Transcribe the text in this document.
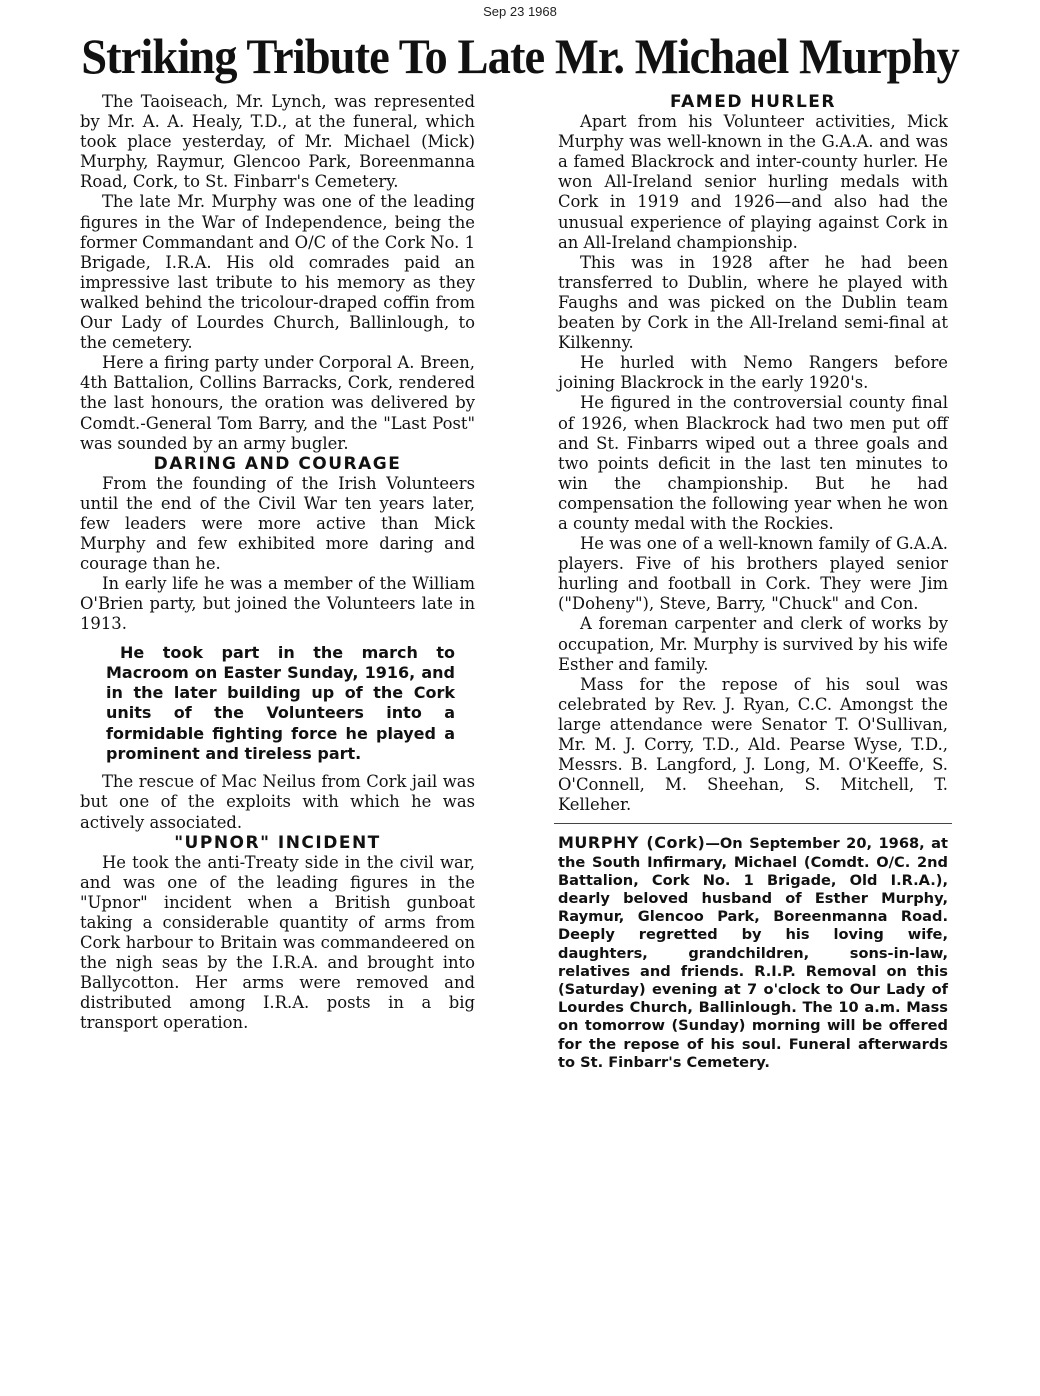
Sep 23 1968
Striking Tribute To Late Mr. Michael Murphy

The Taoiseach, Mr. Lynch, was represented by Mr. A. A. Healy, T.D., at the funeral, which took place yesterday, of Mr. Michael (Mick) Murphy, Raymur, Glencoo Park, Boreenmanna Road, Cork, to St. Finbarr's Cemetery.

The late Mr. Murphy was one of the leading figures in the War of Independence, being the former Commandant and O/C of the Cork No. 1 Brigade, I.R.A. His old comrades paid an impressive last tribute to his memory as they walked behind the tricolour-draped coffin from Our Lady of Lourdes Church, Ballinlough, to the cemetery.

Here a firing party under Corporal A. Breen, 4th Battalion, Collins Barracks, Cork, rendered the last honours, the oration was delivered by Comdt.-General Tom Barry, and the "Last Post" was sounded by an army bugler.

DARING AND COURAGE

From the founding of the Irish Volunteers until the end of the Civil War ten years later, few leaders were more active than Mick Murphy and few exhibited more daring and courage than he.

In early life he was a member of the William O'Brien party, but joined the Volunteers late in 1913.

He took part in the march to Macroom on Easter Sunday, 1916, and in the later building up of the Cork units of the Volunteers into a formidable fighting force he played a prominent and tireless part.

The rescue of Mac Neilus from Cork jail was but one of the exploits with which he was actively associated.

"UPNOR" INCIDENT

He took the anti-Treaty side in the civil war, and was one of the leading figures in the "Upnor" incident when a British gunboat taking a considerable quantity of arms from Cork harbour to Britain was commandeered on the nigh seas by the I.R.A. and brought into Ballycotton. Her arms were removed and distributed among I.R.A. posts in a big transport operation.

FAMED HURLER

Apart from his Volunteer activities, Mick Murphy was well-known in the G.A.A. and was a famed Blackrock and inter-county hurler. He won All-Ireland senior hurling medals with Cork in 1919 and 1926—and also had the unusual experience of playing against Cork in an All-Ireland championship.

This was in 1928 after he had been transferred to Dublin, where he played with Faughs and was picked on the Dublin team beaten by Cork in the All-Ireland semi-final at Kilkenny.

He hurled with Nemo Rangers before joining Blackrock in the early 1920's.

He figured in the controversial county final of 1926, when Blackrock had two men put off and St. Finbarrs wiped out a three goals and two points deficit in the last ten minutes to win the championship. But he had compensation the following year when he won a county medal with the Rockies.

He was one of a well-known family of G.A.A. players. Five of his brothers played senior hurling and football in Cork. They were Jim ("Doheny"), Steve, Barry, "Chuck" and Con.

A foreman carpenter and clerk of works by occupation, Mr. Murphy is survived by his wife Esther and family.

Mass for the repose of his soul was celebrated by Rev. J. Ryan, C.C. Amongst the large attendance were Senator T. O'Sullivan, Mr. M. J. Corry, T.D., Ald. Pearse Wyse, T.D., Messrs. B. Langford, J. Long, M. O'Keeffe, S. O'Connell, M. Sheehan, S. Mitchell, T. Kelleher.

MURPHY (Cork)—On September 20, 1968, at the South Infirmary, Michael (Comdt. O/C. 2nd Battalion, Cork No. 1 Brigade, Old I.R.A.), dearly beloved husband of Esther Murphy, Raymur, Glencoo Park, Boreenmanna Road. Deeply regretted by his loving wife, daughters, grandchildren, sons-in-law, relatives and friends. R.I.P. Removal on this (Saturday) evening at 7 o'clock to Our Lady of Lourdes Church, Ballinlough. The 10 a.m. Mass on tomorrow (Sunday) morning will be offered for the repose of his soul. Funeral afterwards to St. Finbarr's Cemetery.
